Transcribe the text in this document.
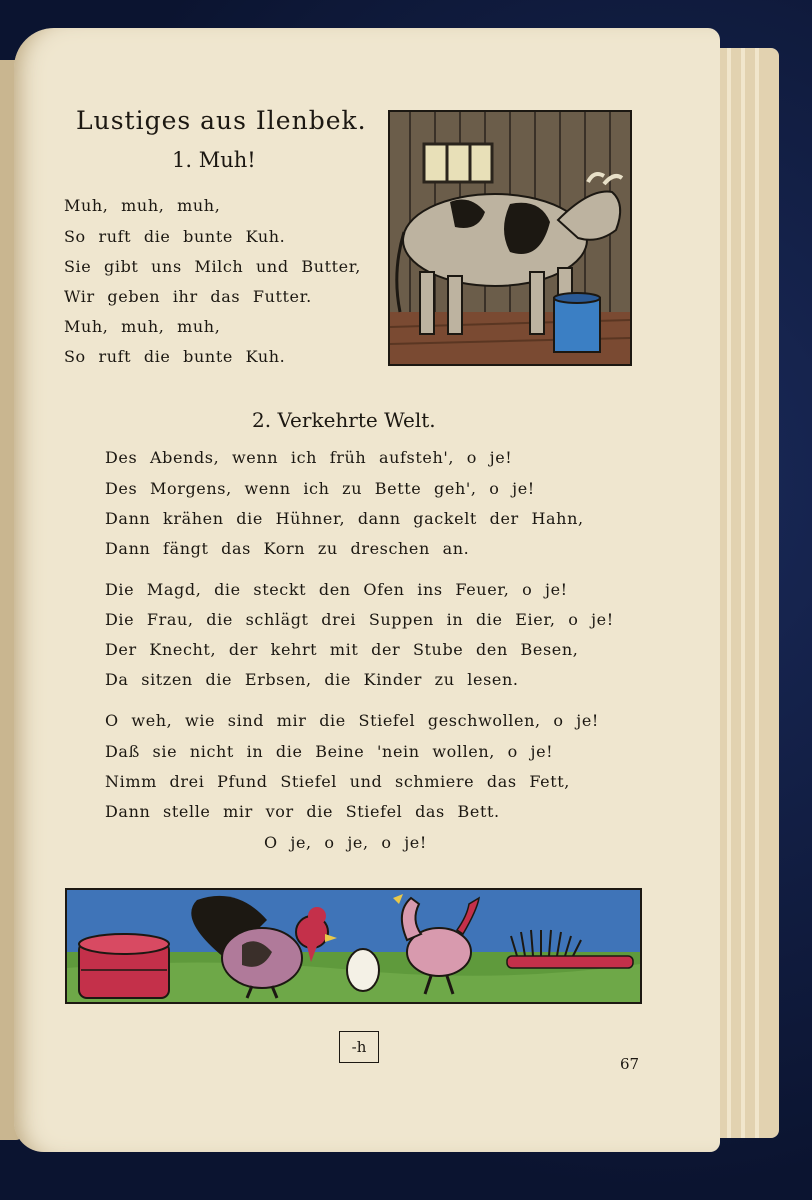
Lustiges aus Ilenbek.
1. Muh!
Muh, muh, muh,
So ruft die bunte Kuh.
Sie gibt uns Milch und Butter,
Wir geben ihr das Futter.
Muh, muh, muh,
So ruft die bunte Kuh.
2. Verkehrte Welt.
Des Abends, wenn ich früh aufsteh', o je!
Des Morgens, wenn ich zu Bette geh', o je!
Dann krähen die Hühner, dann gackelt der Hahn,
Dann fängt das Korn zu dreschen an.
Die Magd, die steckt den Ofen ins Feuer, o je!
Die Frau, die schlägt drei Suppen in die Eier, o je!
Der Knecht, der kehrt mit der Stube den Besen,
Da sitzen die Erbsen, die Kinder zu lesen.
O weh, wie sind mir die Stiefel geschwollen, o je!
Daß sie nicht in die Beine 'nein wollen, o je!
Nimm drei Pfund Stiefel und schmiere das Fett,
Dann stelle mir vor die Stiefel das Bett.
O je, o je, o je!
-h
67
